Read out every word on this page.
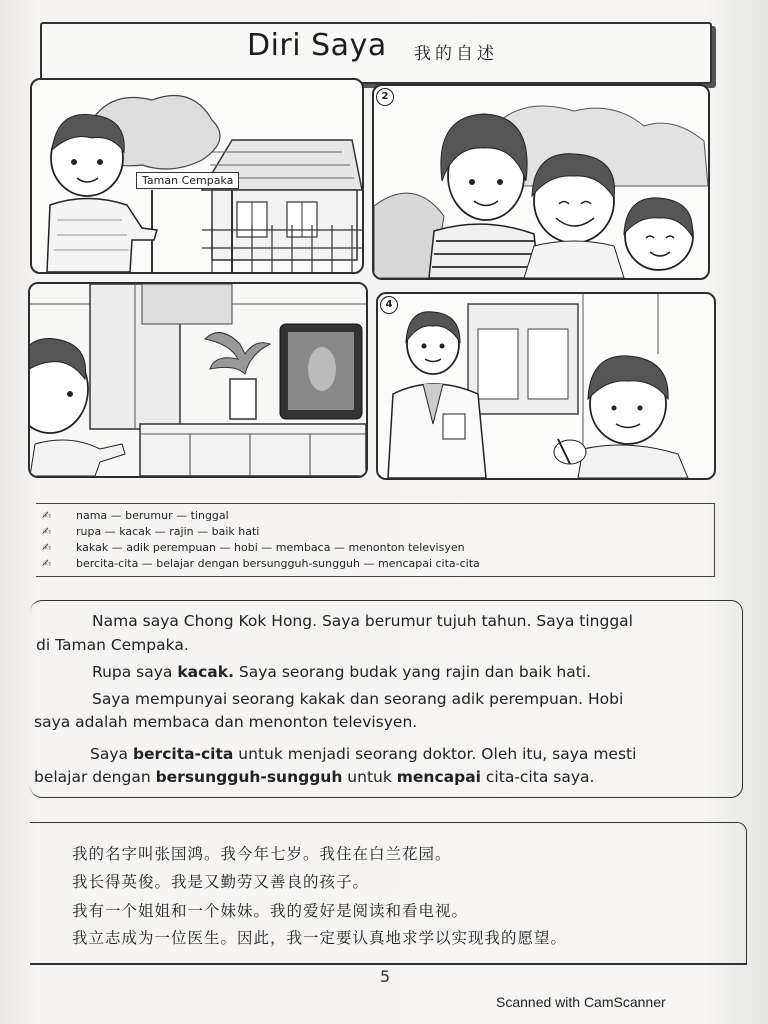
Diri Saya 我的自述
Taman Cempaka
2
4
✍ nama — berumur — tinggal
✍ rupa — kacak — rajin — baik hati
✍ kakak — adik perempuan — hobi — membaca — menonton televisyen
✍ bercita-cita — belajar dengan bersungguh-sungguh — mencapai cita-cita
Nama saya Chong Kok Hong. Saya berumur tujuh tahun. Saya tinggal
di Taman Cempaka.
Rupa saya kacak. Saya seorang budak yang rajin dan baik hati.
Saya mempunyai seorang kakak dan seorang adik perempuan. Hobi
saya adalah membaca dan menonton televisyen.
Saya bercita-cita untuk menjadi seorang doktor. Oleh itu, saya mesti
belajar dengan bersungguh-sungguh untuk mencapai cita-cita saya.
我的名字叫张国鸿。我今年七岁。我住在白兰花园。
我长得英俊。我是又勤劳又善良的孩子。
我有一个姐姐和一个妹妹。我的爱好是阅读和看电视。
我立志成为一位医生。因此，我一定要认真地求学以实现我的愿望。
5
Scanned with CamScanner
